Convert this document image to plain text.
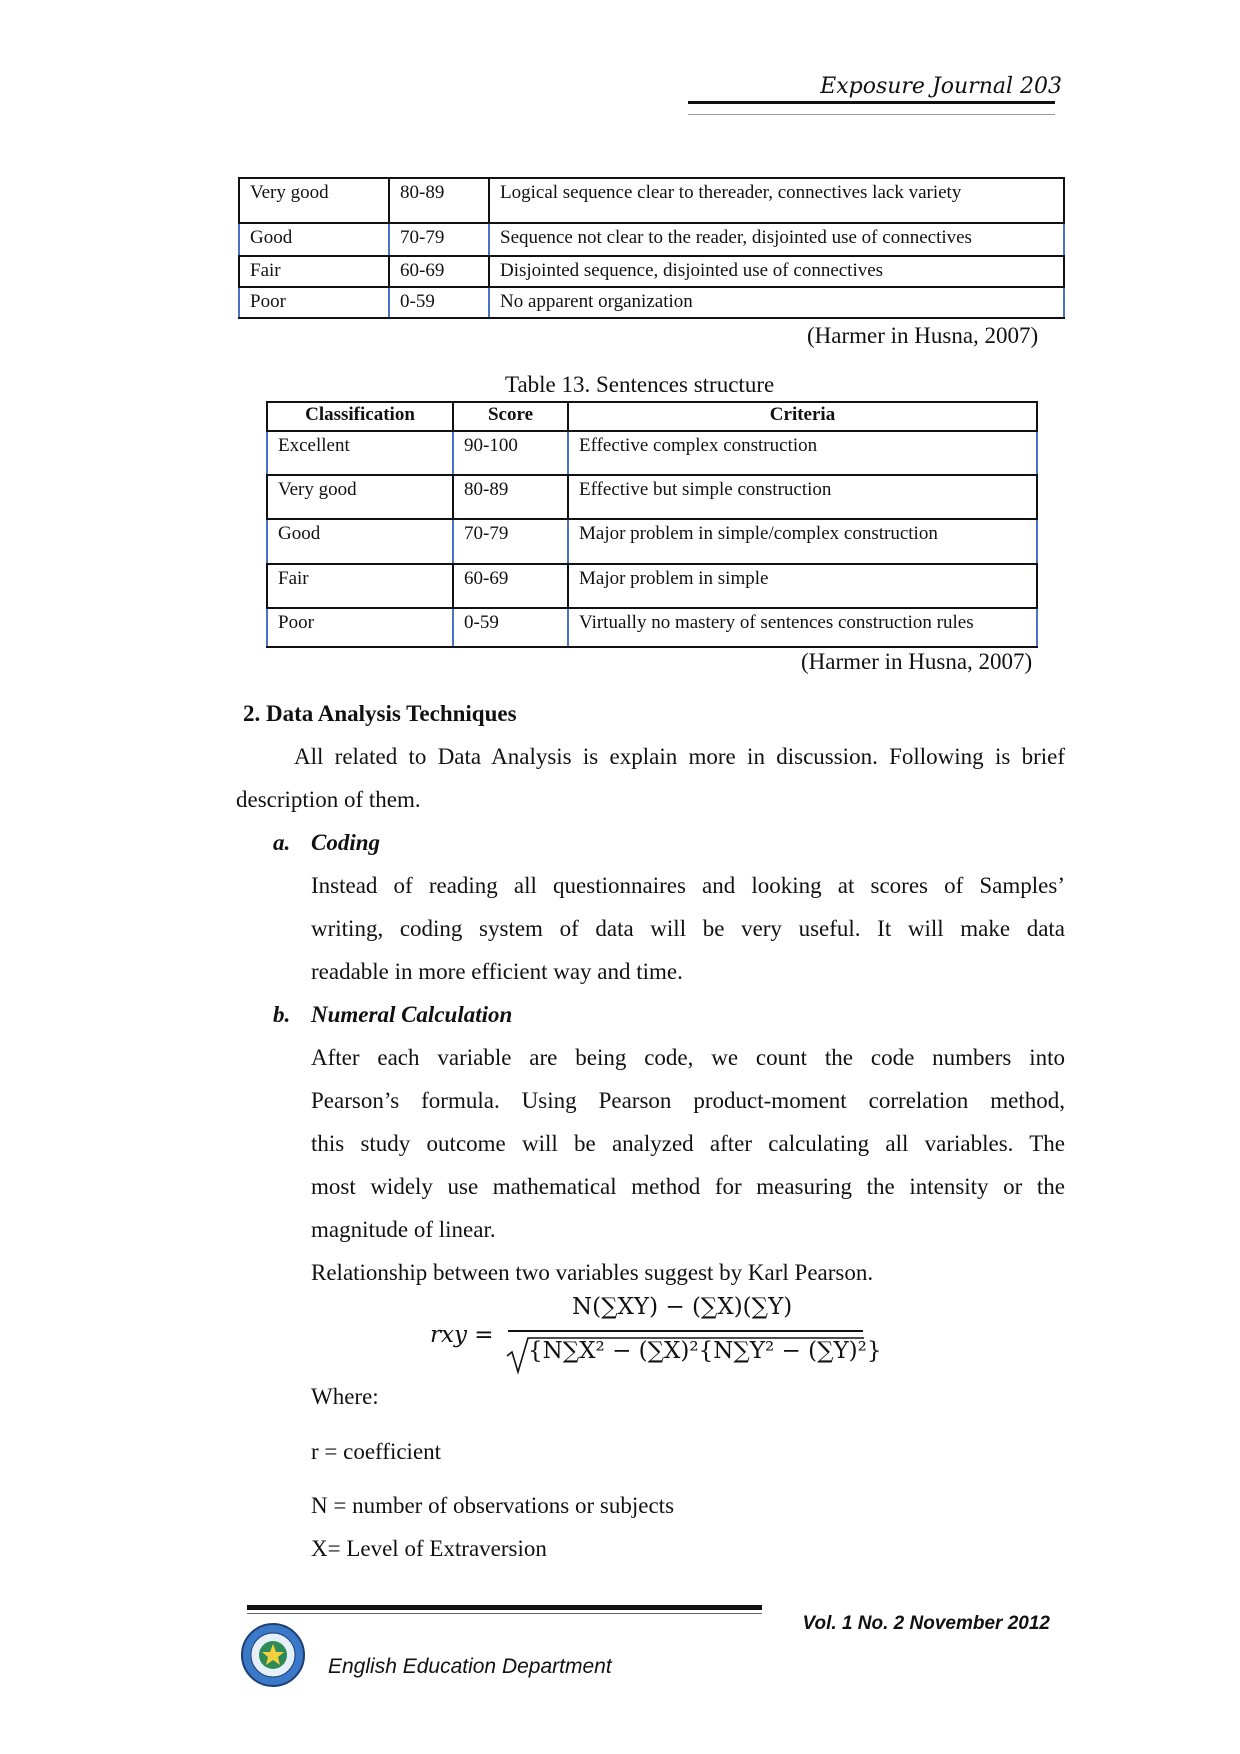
Exposure Journal 203
Very good	80-89	Logical sequence clear to thereader, connectives lack variety
Good	70-79	Sequence not clear to the reader, disjointed use of connectives
Fair	60-69	Disjointed sequence, disjointed use of connectives
Poor	0-59	No apparent organization
(Harmer in Husna, 2007)
Table 13. Sentences structure
Classification	Score	Criteria
Excellent	90-100	Effective complex construction
Very good	80-89	Effective but simple construction
Good	70-79	Major problem in simple/complex construction
Fair	60-69	Major problem in simple
Poor	0-59	Virtually no mastery of sentences construction rules
(Harmer in Husna, 2007)
2. Data Analysis Techniques
All related to Data Analysis is explain more in discussion. Following is brief
description of them.
a. Coding
Instead of reading all questionnaires and looking at scores of Samples’
writing, coding system of data will be very useful. It will make data
readable in more efficient way and time.
b. Numeral Calculation
After each variable are being code, we count the code numbers into
Pearson’s formula. Using Pearson product-moment correlation method,
this study outcome will be analyzed after calculating all variables. The
most widely use mathematical method for measuring the intensity or the
magnitude of linear.
Relationship between two variables suggest by Karl Pearson.
rxy =
N(∑XY) − (∑X)(∑Y)
{N∑X² − (∑X)²{N∑Y² − (∑Y)²}
Where:
r = coefficient
N = number of observations or subjects
X= Level of Extraversion
Vol. 1 No. 2 November 2012
English Education Department
